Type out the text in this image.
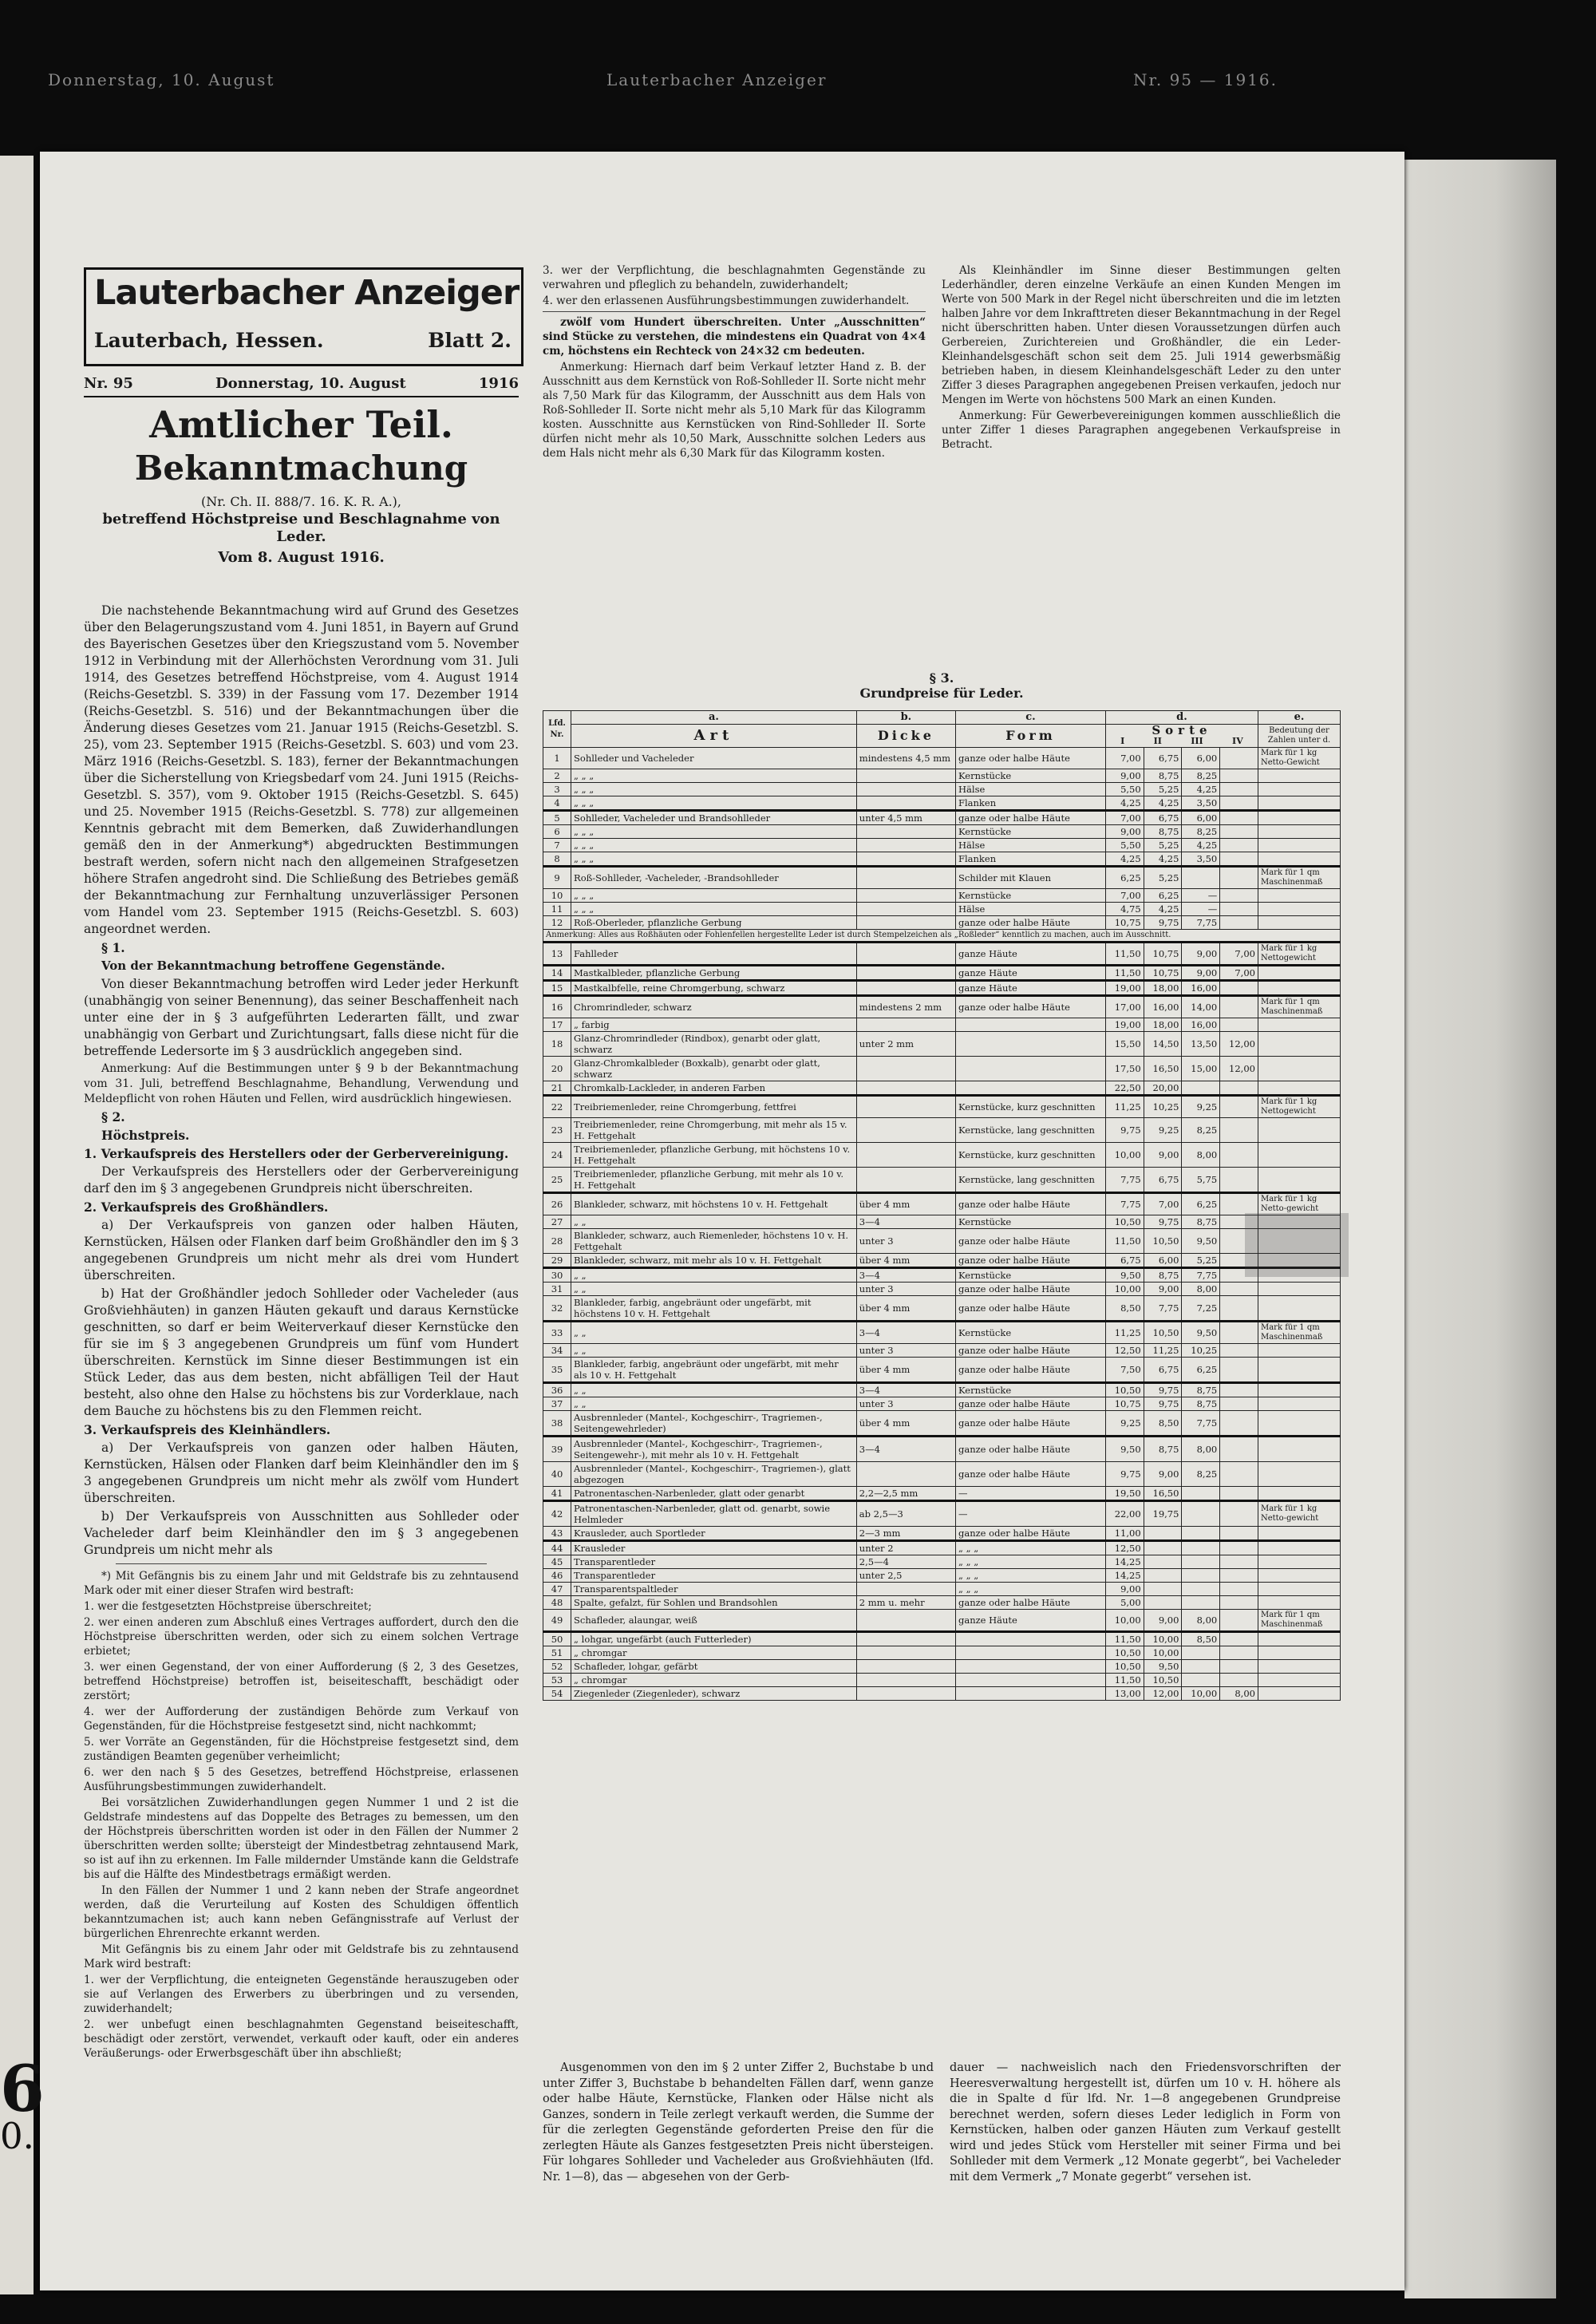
Donnerstag, 10. August	Lauterbacher Anzeiger	Nr. 95 — 1916.
Lauterbacher Anzeiger
Lauterbach, Hessen.	Blatt 2.
Nr. 95	Donnerstag, 10. August	1916
Amtlicher Teil.
Bekanntmachung
(Nr. Ch. II. 888/7. 16. K. R. A.),
betreffend Höchstpreise und Beschlagnahme von Leder.
Vom 8. August 1916.

Die nachstehende Bekanntmachung wird auf Grund des Gesetzes über den Belagerungszustand vom 4. Juni 1851, in Bayern auf Grund des Bayerischen Gesetzes über den Kriegszustand vom 5. November 1912 in Verbindung mit der Allerhöchsten Verordnung vom 31. Juli 1914, des Gesetzes betreffend Höchstpreise, vom 4. August 1914 (Reichs-Gesetzbl. S. 339) in der Fassung vom 17. Dezember 1914 (Reichs-Gesetzbl. S. 516) und der Bekanntmachungen über die Änderung dieses Gesetzes vom 21. Januar 1915 (Reichs-Gesetzbl. S. 25), vom 23. September 1915 (Reichs-Gesetzbl. S. 603) und vom 23. März 1916 (Reichs-Gesetzbl. S. 183), ferner der Bekanntmachungen über die Sicherstellung von Kriegsbedarf vom 24. Juni 1915 (Reichs-Gesetzbl. S. 357), vom 9. Oktober 1915 (Reichs-Gesetzbl. S. 645) und 25. November 1915 (Reichs-Gesetzbl. S. 778) zur allgemeinen Kenntnis gebracht mit dem Bemerken, daß Zuwiderhandlungen gemäß den in der Anmerkung*) abgedruckten Bestimmungen bestraft werden, sofern nicht nach den allgemeinen Strafgesetzen höhere Strafen angedroht sind. Die Schließung des Betriebes gemäß der Bekanntmachung zur Fernhaltung unzuverlässiger Personen vom Handel vom 23. September 1915 (Reichs-Gesetzbl. S. 603) angeordnet werden.

§ 1.

Von der Bekanntmachung betroffene Gegenstände.

Von dieser Bekanntmachung betroffen wird Leder jeder Herkunft (unabhängig von seiner Benennung), das seiner Beschaffenheit nach unter eine der in § 3 aufgeführten Lederarten fällt, und zwar unabhängig von Gerbart und Zurichtungsart, falls diese nicht für die betreffende Ledersorte im § 3 ausdrücklich angegeben sind.

Anmerkung: Auf die Bestimmungen unter § 9 b der Bekanntmachung vom 31. Juli, betreffend Beschlagnahme, Behandlung, Verwendung und Meldepflicht von rohen Häuten und Fellen, wird ausdrücklich hingewiesen.

§ 2.

Höchstpreis.

1. Verkaufspreis des Herstellers oder der Gerbervereinigung.

Der Verkaufspreis des Herstellers oder der Gerbervereinigung darf den im § 3 angegebenen Grundpreis nicht überschreiten.

2. Verkaufspreis des Großhändlers.

a) Der Verkaufspreis von ganzen oder halben Häuten, Kernstücken, Hälsen oder Flanken darf beim Großhändler den im § 3 angegebenen Grundpreis um nicht mehr als drei vom Hundert überschreiten.

b) Hat der Großhändler jedoch Sohlleder oder Vacheleder (aus Großviehhäuten) in ganzen Häuten gekauft und daraus Kernstücke geschnitten, so darf er beim Weiterverkauf dieser Kernstücke den für sie im § 3 angegebenen Grundpreis um fünf vom Hundert überschreiten. Kernstück im Sinne dieser Bestimmungen ist ein Stück Leder, das aus dem besten, nicht abfälligen Teil der Haut besteht, also ohne den Halse zu höchstens bis zur Vorderklaue, nach dem Bauche zu höchstens bis zu den Flemmen reicht.

3. Verkaufspreis des Kleinhändlers.

a) Der Verkaufspreis von ganzen oder halben Häuten, Kernstücken, Hälsen oder Flanken darf beim Kleinhändler den im § 3 angegebenen Grundpreis um nicht mehr als zwölf vom Hundert überschreiten.

b) Der Verkaufspreis von Ausschnitten aus Sohlleder oder Vacheleder darf beim Kleinhändler den im § 3 angegebenen Grundpreis um nicht mehr als

*) Mit Gefängnis bis zu einem Jahr und mit Geldstrafe bis zu zehntausend Mark oder mit einer dieser Strafen wird bestraft:

1. wer die festgesetzten Höchstpreise überschreitet;

2. wer einen anderen zum Abschluß eines Vertrages auffordert, durch den die Höchstpreise überschritten werden, oder sich zu einem solchen Vertrage erbietet;

3. wer einen Gegenstand, der von einer Aufforderung (§ 2, 3 des Gesetzes, betreffend Höchstpreise) betroffen ist, beiseiteschafft, beschädigt oder zerstört;

4. wer der Aufforderung der zuständigen Behörde zum Verkauf von Gegenständen, für die Höchstpreise festgesetzt sind, nicht nachkommt;

5. wer Vorräte an Gegenständen, für die Höchstpreise festgesetzt sind, dem zuständigen Beamten gegenüber verheimlicht;

6. wer den nach § 5 des Gesetzes, betreffend Höchstpreise, erlassenen Ausführungsbestimmungen zuwiderhandelt.

Bei vorsätzlichen Zuwiderhandlungen gegen Nummer 1 und 2 ist die Geldstrafe mindestens auf das Doppelte des Betrages zu bemessen, um den der Höchstpreis überschritten worden ist oder in den Fällen der Nummer 2 überschritten werden sollte; übersteigt der Mindestbetrag zehntausend Mark, so ist auf ihn zu erkennen. Im Falle mildernder Umstände kann die Geldstrafe bis auf die Hälfte des Mindestbetrags ermäßigt werden.

In den Fällen der Nummer 1 und 2 kann neben der Strafe angeordnet werden, daß die Verurteilung auf Kosten des Schuldigen öffentlich bekanntzumachen ist; auch kann neben Gefängnisstrafe auf Verlust der bürgerlichen Ehrenrechte erkannt werden.

Mit Gefängnis bis zu einem Jahr oder mit Geldstrafe bis zu zehntausend Mark wird bestraft:

1. wer der Verpflichtung, die enteigneten Gegenstände herauszugeben oder sie auf Verlangen des Erwerbers zu überbringen und zu versenden, zuwiderhandelt;

2. wer unbefugt einen beschlagnahmten Gegenstand beiseiteschafft, beschädigt oder zerstört, verwendet, verkauft oder kauft, oder ein anderes Veräußerungs- oder Erwerbsgeschäft über ihn abschließt;

3. wer der Verpflichtung, die beschlagnahmten Gegenstände zu verwahren und pfleglich zu behandeln, zuwiderhandelt;

4. wer den erlassenen Ausführungsbestimmungen zuwiderhandelt.

zwölf vom Hundert überschreiten. Unter „Ausschnitten“ sind Stücke zu verstehen, die mindestens ein Quadrat von 4×4 cm, höchstens ein Rechteck von 24×32 cm bedeuten.

Anmerkung: Hiernach darf beim Verkauf letzter Hand z. B. der Ausschnitt aus dem Kernstück von Roß-Sohlleder II. Sorte nicht mehr als 7,50 Mark für das Kilogramm, der Ausschnitt aus dem Hals von Roß-Sohlleder II. Sorte nicht mehr als 5,10 Mark für das Kilogramm kosten. Ausschnitte aus Kernstücken von Rind-Sohlleder II. Sorte dürfen nicht mehr als 10,50 Mark, Ausschnitte solchen Leders aus dem Hals nicht mehr als 6,30 Mark für das Kilogramm kosten.

Als Kleinhändler im Sinne dieser Bestimmungen gelten Lederhändler, deren einzelne Verkäufe an einen Kunden Mengen im Werte von 500 Mark in der Regel nicht überschreiten und die im letzten halben Jahre vor dem Inkrafttreten dieser Bekanntmachung in der Regel nicht überschritten haben. Unter diesen Voraussetzungen dürfen auch Gerbereien, Zurichtereien und Großhändler, die ein Leder-Kleinhandelsgeschäft schon seit dem 25. Juli 1914 gewerbsmäßig betrieben haben, in diesem Kleinhandelsgeschäft Leder zu den unter Ziffer 3 dieses Paragraphen angegebenen Preisen verkaufen, jedoch nur Mengen im Werte von höchstens 500 Mark an einen Kunden.

Anmerkung: Für Gewerbevereinigungen kommen ausschließlich die unter Ziffer 1 dieses Paragraphen angegebenen Verkaufspreise in Betracht.

§ 3.
Grundpreise für Leder.
Lfd. Nr.	a.	b.	c.	d.				e.
	Art	Dicke	Form	Sorte
I II III IV				Bedeutung der Zahlen unter d.
1	Sohlleder und Vacheleder	mindestens 4,5 mm	ganze oder halbe Häute	7,00	6,75	6,00		Mark für 1 kg Netto-Gewicht
2	„ „ „		Kernstücke	9,00	8,75	8,25		
3	„ „ „		Hälse	5,50	5,25	4,25		
4	„ „ „		Flanken	4,25	4,25	3,50		
5	Sohlleder, Vacheleder und Brandsohlleder	unter 4,5 mm	ganze oder halbe Häute	7,00	6,75	6,00		
6	„ „ „		Kernstücke	9,00	8,75	8,25		
7	„ „ „		Hälse	5,50	5,25	4,25		
8	„ „ „		Flanken	4,25	4,25	3,50		
9	Roß-Sohlleder, -Vacheleder, -Brandsohlleder		Schilder mit Klauen	6,25	5,25			Mark für 1 qm Maschinenmaß
10	„ „ „		Kernstücke	7,00	6,25	—		
11	„ „ „		Hälse	4,75	4,25	—		
12	Roß-Oberleder, pflanzliche Gerbung		ganze oder halbe Häute	10,75	9,75	7,75		
Anmerkung: Alles aus Roßhäuten oder Fohlenfellen hergestellte Leder ist durch Stempelzeichen als „Roßleder“ kenntlich zu machen, auch im Ausschnitt.								
13	Fahlleder		ganze Häute	11,50	10,75	9,00	7,00	Mark für 1 kg Nettogewicht
14	Mastkalbleder, pflanzliche Gerbung		ganze Häute	11,50	10,75	9,00	7,00	
15	Mastkalbfelle, reine Chromgerbung, schwarz		ganze Häute	19,00	18,00	16,00		
16	Chromrindleder, schwarz	mindestens 2 mm	ganze oder halbe Häute	17,00	16,00	14,00		Mark für 1 qm Maschinenmaß
17	„ farbig			19,00	18,00	16,00		
18	Glanz-Chromrindleder (Rindbox), genarbt oder glatt, schwarz	unter 2 mm		15,50	14,50	13,50	12,00	
20	Glanz-Chromkalbleder (Boxkalb), genarbt oder glatt, schwarz			17,50	16,50	15,00	12,00	
21	Chromkalb-Lackleder, in anderen Farben			22,50	20,00			
22	Treibriemenleder, reine Chromgerbung, fettfrei		Kernstücke, kurz geschnitten	11,25	10,25	9,25		Mark für 1 kg Nettogewicht
23	Treibriemenleder, reine Chromgerbung, mit mehr als 15 v. H. Fettgehalt		Kernstücke, lang geschnitten	9,75	9,25	8,25		
24	Treibriemenleder, pflanzliche Gerbung, mit höchstens 10 v. H. Fettgehalt		Kernstücke, kurz geschnitten	10,00	9,00	8,00		
25	Treibriemenleder, pflanzliche Gerbung, mit mehr als 10 v. H. Fettgehalt		Kernstücke, lang geschnitten	7,75	6,75	5,75		
26	Blankleder, schwarz, mit höchstens 10 v. H. Fettgehalt	über 4 mm	ganze oder halbe Häute	7,75	7,00	6,25		Mark für 1 kg Netto-gewicht
27	„ „	3—4	Kernstücke	10,50	9,75	8,75		
28	Blankleder, schwarz, auch Riemenleder, höchstens 10 v. H. Fettgehalt	unter 3	ganze oder halbe Häute	11,50	10,50	9,50		
29	Blankleder, schwarz, mit mehr als 10 v. H. Fettgehalt	über 4 mm	ganze oder halbe Häute	6,75	6,00	5,25		
30	„ „	3—4	Kernstücke	9,50	8,75	7,75		
31	„ „	unter 3	ganze oder halbe Häute	10,00	9,00	8,00		
32	Blankleder, farbig, angebräunt oder ungefärbt, mit höchstens 10 v. H. Fettgehalt	über 4 mm	ganze oder halbe Häute	8,50	7,75	7,25		
33	„ „	3—4	Kernstücke	11,25	10,50	9,50		Mark für 1 qm Maschinenmaß
34	„ „	unter 3	ganze oder halbe Häute	12,50	11,25	10,25		
35	Blankleder, farbig, angebräunt oder ungefärbt, mit mehr als 10 v. H. Fettgehalt	über 4 mm	ganze oder halbe Häute	7,50	6,75	6,25		
36	„ „	3—4	Kernstücke	10,50	9,75	8,75		
37	„ „	unter 3	ganze oder halbe Häute	10,75	9,75	8,75		
38	Ausbrennleder (Mantel-, Kochgeschirr-, Tragriemen-, Seitengewehrleder)	über 4 mm	ganze oder halbe Häute	9,25	8,50	7,75		
39	Ausbrennleder (Mantel-, Kochgeschirr-, Tragriemen-, Seitengewehr-), mit mehr als 10 v. H. Fettgehalt	3—4	ganze oder halbe Häute	9,50	8,75	8,00		
40	Ausbrennleder (Mantel-, Kochgeschirr-, Tragriemen-), glatt abgezogen		ganze oder halbe Häute	9,75	9,00	8,25		
41	Patronentaschen-Narbenleder, glatt oder genarbt	2,2—2,5 mm	—	19,50	16,50			
42	Patronentaschen-Narbenleder, glatt od. genarbt, sowie Helmleder	ab 2,5—3	—	22,00	19,75			Mark für 1 kg Netto-gewicht
43	Krausleder, auch Sportleder	2—3 mm	ganze oder halbe Häute	11,00				
44	Krausleder	unter 2	„ „ „	12,50				
45	Transparentleder	2,5—4	„ „ „	14,25				
46	Transparentleder	unter 2,5	„ „ „	14,25				
47	Transparentspaltleder		„ „ „	9,00				
48	Spalte, gefalzt, für Sohlen und Brandsohlen	2 mm u. mehr	ganze oder halbe Häute	5,00				
49	Schafleder, alaungar, weiß		ganze Häute	10,00	9,00	8,00		Mark für 1 qm Maschinenmaß
50	„ lohgar, ungefärbt (auch Futterleder)			11,50	10,00	8,50		
51	„ chromgar			10,50	10,00			
52	Schafleder, lohgar, gefärbt			10,50	9,50			
53	„ chromgar			11,50	10,50			
54	Ziegenleder (Ziegenleder), schwarz			13,00	12,00	10,00	8,00	

Ausgenommen von den im § 2 unter Ziffer 2, Buchstabe b und unter Ziffer 3, Buchstabe b behandelten Fällen darf, wenn ganze oder halbe Häute, Kernstücke, Flanken oder Hälse nicht als Ganzes, sondern in Teile zerlegt verkauft werden, die Summe der für die zerlegten Gegenstände geforderten Preise den für die zerlegten Häute als Ganzes festgesetzten Preis nicht übersteigen. Für lohgares Sohlleder und Vacheleder aus Großviehhäuten (lfd. Nr. 1—8), das — abgesehen von der Gerb-

dauer — nachweislich nach den Friedensvorschriften der Heeresverwaltung hergestellt ist, dürfen um 10 v. H. höhere als die in Spalte d für lfd. Nr. 1—8 angegebenen Grundpreise berechnet werden, sofern dieses Leder lediglich in Form von Kernstücken, halben oder ganzen Häuten zum Verkauf gestellt wird und jedes Stück vom Hersteller mit seiner Firma und bei Sohlleder mit dem Vermerk „12 Monate gegerbt“, bei Vacheleder mit dem Vermerk „7 Monate gegerbt“ versehen ist.

6
0.
